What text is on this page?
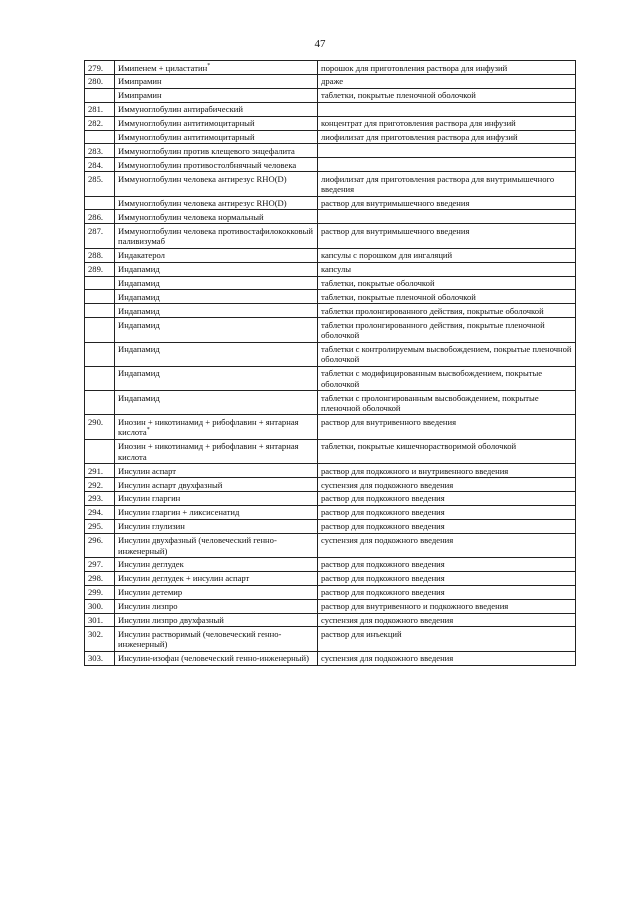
47
279.	Имипенем + циластатин*	порошок для приготовления раствора для инфузий
280.	Имипрамин	драже
	Имипрамин	таблетки, покрытые пленочной оболочкой
281.	Иммуноглобулин антирабический	
282.	Иммуноглобулин антитимоцитарный	концентрат для приготовления раствора для инфузий
	Иммуноглобулин антитимоцитарный	лиофилизат для приготовления раствора для инфузий
283.	Иммуноглобулин против клещевого энцефалита	
284.	Иммуноглобулин противостолбнячный человека	
285.	Иммуноглобулин человека антирезус RHO(D)	лиофилизат для приготовления раствора для внутримышечного введения
	Иммуноглобулин человека антирезус RHO(D)	раствор для внутримышечного введения
286.	Иммуноглобулин человека нормальный	
287.	Иммуноглобулин человека противостафилококковый паливизумаб	раствор для внутримышечного введения
288.	Индакатерол	капсулы с порошком для ингаляций
289.	Индапамид	капсулы
	Индапамид	таблетки, покрытые оболочкой
	Индапамид	таблетки, покрытые пленочной оболочкой
	Индапамид	таблетки пролонгированного действия, покрытые оболочкой
	Индапамид	таблетки пролонгированного действия, покрытые пленочной оболочкой
	Индапамид	таблетки с контролируемым высвобождением, покрытые пленочной оболочкой
	Индапамид	таблетки с модифицированным высвобождением, покрытые оболочкой
	Индапамид	таблетки с пролонгированным высвобождением, покрытые пленочной оболочкой
290.	Инозин + никотинамид + рибофлавин + янтарная кислота*	раствор для внутривенного введения
	Инозин + никотинамид + рибофлавин + янтарная кислота	таблетки, покрытые кишечнорастворимой оболочкой
291.	Инсулин аспарт	раствор для подкожного и внутривенного введения
292.	Инсулин аспарт двухфазный	суспензия для подкожного введения
293.	Инсулин гларгин	раствор для подкожного введения
294.	Инсулин гларгин + ликсисенатид	раствор для подкожного введения
295.	Инсулин глулизин	раствор для подкожного введения
296.	Инсулин двухфазный (человеческий генно-инженерный)	суспензия для подкожного введения
297.	Инсулин деглудек	раствор для подкожного введения
298.	Инсулин деглудек + инсулин аспарт	раствор для подкожного введения
299.	Инсулин детемир	раствор для подкожного введения
300.	Инсулин лизпро	раствор для внутривенного и подкожного введения
301.	Инсулин лизпро двухфазный	суспензия для подкожного введения
302.	Инсулин растворимый (человеческий генно-инженерный)	раствор для инъекций
303.	Инсулин-изофан (человеческий генно-инженерный)	суспензия для подкожного введения
